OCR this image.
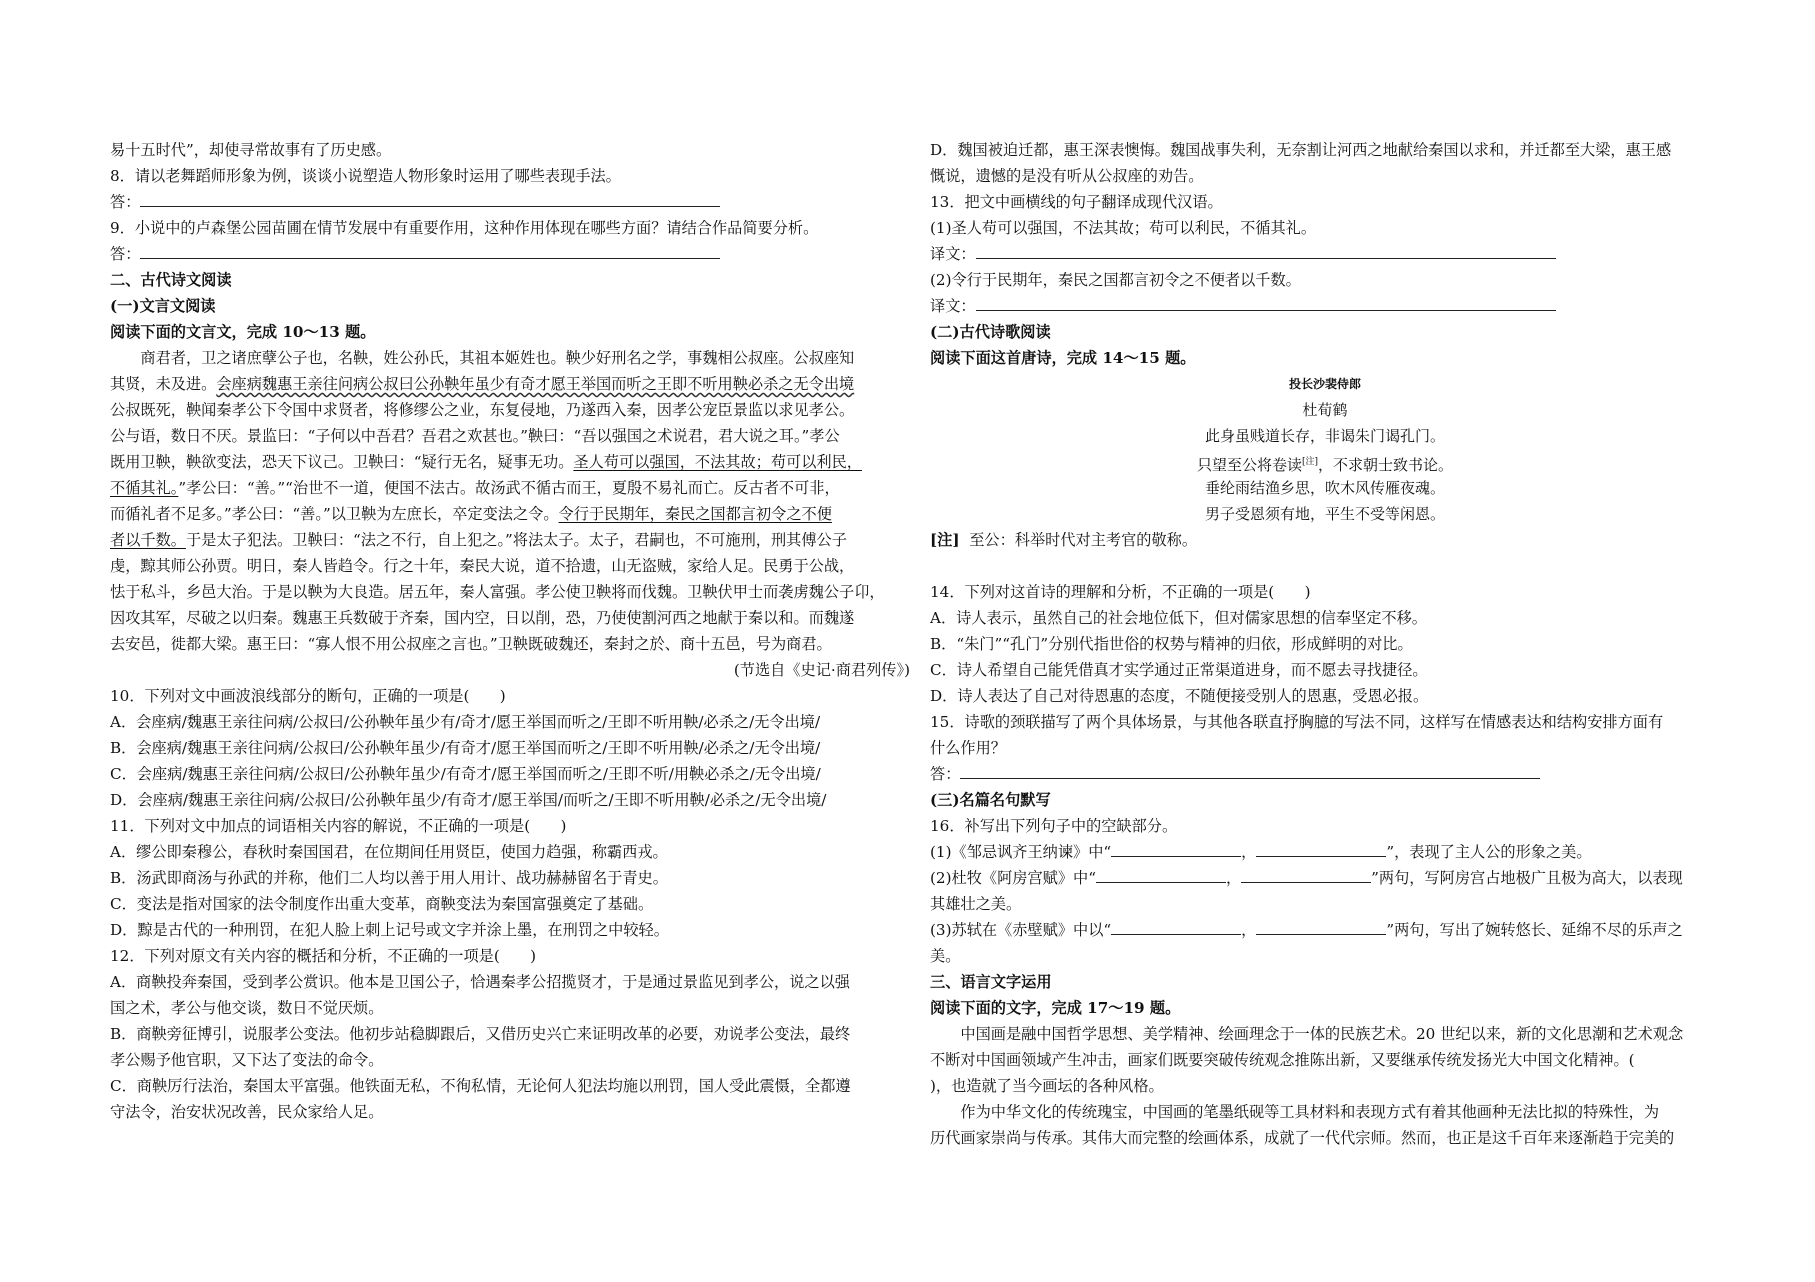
易十五时代”，却使寻常故事有了历史感。
8．请以老舞蹈师形象为例，谈谈小说塑造人物形象时运用了哪些表现手法。
答：
9．小说中的卢森堡公园苗圃在情节发展中有重要作用，这种作用体现在哪些方面？请结合作品简要分析。
答：
二、古代诗文阅读
(一)文言文阅读
阅读下面的文言文，完成 10～13 题。
商君者，卫之诸庶孽公子也，名鞅，姓公孙氏，其祖本姬姓也。鞅少好刑名之学，事魏相公叔座。公叔座知
其贤，未及进。会座病魏惠王亲往问病公叔曰公孙鞅年虽少有奇才愿王举国而听之王即不听用鞅必杀之无令出境
公叔既死，鞅闻秦孝公下令国中求贤者，将修缪公之业，东复侵地，乃遂西入秦，因孝公宠臣景监以求见孝公。
公与语，数日不厌。景监曰：“子何以中吾君？吾君之欢甚也。”鞅曰：“吾以强国之术说君，君大说之耳。”孝公
既用卫鞅，鞅欲变法，恐天下议己。卫鞅曰：“疑行无名，疑事无功。圣人苟可以强国，不法其故；苟可以利民，
不循其礼。”孝公曰：“善。”“治世不一道，便国不法古。故汤武不循古而王，夏殷不易礼而亡。反古者不可非，
而循礼者不足多。”孝公曰：“善。”以卫鞅为左庶长，卒定变法之令。令行于民期年，秦民之国都言初令之不便
者以千数。于是太子犯法。卫鞅曰：“法之不行，自上犯之。”将法太子。太子，君嗣也，不可施刑，刑其傅公子
虔，黥其师公孙贾。明日，秦人皆趋令。行之十年，秦民大说，道不拾遗，山无盗贼，家给人足。民勇于公战，
怯于私斗，乡邑大治。于是以鞅为大良造。居五年，秦人富强。孝公使卫鞅将而伐魏。卫鞅伏甲士而袭虏魏公子卬，
因攻其军，尽破之以归秦。魏惠王兵数破于齐秦，国内空，日以削，恐，乃使使割河西之地献于秦以和。而魏遂
去安邑，徙都大梁。惠王曰：“寡人恨不用公叔座之言也。”卫鞅既破魏还，秦封之於、商十五邑，号为商君。
(节选自《史记·商君列传》)
10．下列对文中画波浪线部分的断句，正确的一项是(　　)
A．会座病/魏惠王亲往问病/公叔曰/公孙鞅年虽少有/奇才/愿王举国而听之/王即不听用鞅/必杀之/无令出境/
B．会座病/魏惠王亲往问病/公叔曰/公孙鞅年虽少/有奇才/愿王举国而听之/王即不听用鞅/必杀之/无令出境/
C．会座病/魏惠王亲往问病/公叔曰/公孙鞅年虽少/有奇才/愿王举国而听之/王即不听/用鞅必杀之/无令出境/
D．会座病/魏惠王亲往问病/公叔曰/公孙鞅年虽少/有奇才/愿王举国/而听之/王即不听用鞅/必杀之/无令出境/
11．下列对文中加点的词语相关内容的解说，不正确的一项是(　　)
A．缪公即秦穆公，春秋时秦国国君，在位期间任用贤臣，使国力趋强，称霸西戎。
B．汤武即商汤与孙武的并称，他们二人均以善于用人用计、战功赫赫留名于青史。
C．变法是指对国家的法令制度作出重大变革，商鞅变法为秦国富强奠定了基础。
D．黥是古代的一种刑罚，在犯人脸上刺上记号或文字并涂上墨，在刑罚之中较轻。
12．下列对原文有关内容的概括和分析，不正确的一项是(　　)
A．商鞅投奔秦国，受到孝公赏识。他本是卫国公子，恰遇秦孝公招揽贤才，于是通过景监见到孝公，说之以强
国之术，孝公与他交谈，数日不觉厌烦。
B．商鞅旁征博引，说服孝公变法。他初步站稳脚跟后，又借历史兴亡来证明改革的必要，劝说孝公变法，最终
孝公赐予他官职，又下达了变法的命令。
C．商鞅厉行法治，秦国太平富强。他铁面无私，不徇私情，无论何人犯法均施以刑罚，国人受此震慑，全都遵
守法令，治安状况改善，民众家给人足。
D．魏国被迫迁都，惠王深表懊悔。魏国战事失利，无奈割让河西之地献给秦国以求和，并迁都至大梁，惠王感
慨说，遗憾的是没有听从公叔座的劝告。
13．把文中画横线的句子翻译成现代汉语。
(1)圣人苟可以强国，不法其故；苟可以利民，不循其礼。
译文：
(2)令行于民期年，秦民之国都言初令之不便者以千数。
译文：
(二)古代诗歌阅读
阅读下面这首唐诗，完成 14～15 题。
投长沙裴侍郎
杜荀鹤
此身虽贱道长存，非谒朱门谒孔门。
只望至公将卷读[注]，不求朝士致书论。
垂纶雨结渔乡思，吹木风传雁夜魂。
男子受恩须有地，平生不受等闲恩。
[注] 至公：科举时代对主考官的敬称。
14．下列对这首诗的理解和分析，不正确的一项是(　　)
A．诗人表示，虽然自己的社会地位低下，但对儒家思想的信奉坚定不移。
B．“朱门”“孔门”分别代指世俗的权势与精神的归依，形成鲜明的对比。
C．诗人希望自己能凭借真才实学通过正常渠道进身，而不愿去寻找捷径。
D．诗人表达了自己对待恩惠的态度，不随便接受别人的恩惠，受恩必报。
15．诗歌的颈联描写了两个具体场景，与其他各联直抒胸臆的写法不同，这样写在情感表达和结构安排方面有
什么作用？
答：
(三)名篇名句默写
16．补写出下列句子中的空缺部分。
(1)《邹忌讽齐王纳谏》中“	，	”，表现了主人公的形象之美。
(2)杜牧《阿房宫赋》中“	，	”两句，写阿房宫占地极广且极为高大，以表现
其雄壮之美。
(3)苏轼在《赤壁赋》中以“	，	”两句，写出了婉转悠长、延绵不尽的乐声之
美。
三、语言文字运用
阅读下面的文字，完成 17～19 题。
中国画是融中国哲学思想、美学精神、绘画理念于一体的民族艺术。20 世纪以来，新的文化思潮和艺术观念
不断对中国画领域产生冲击，画家们既要突破传统观念推陈出新，又要继承传统发扬光大中国文化精神。(
)，也造就了当今画坛的各种风格。
作为中华文化的传统瑰宝，中国画的笔墨纸砚等工具材料和表现方式有着其他画种无法比拟的特殊性，为
历代画家崇尚与传承。其伟大而完整的绘画体系，成就了一代代宗师。然而，也正是这千百年来逐渐趋于完美的
